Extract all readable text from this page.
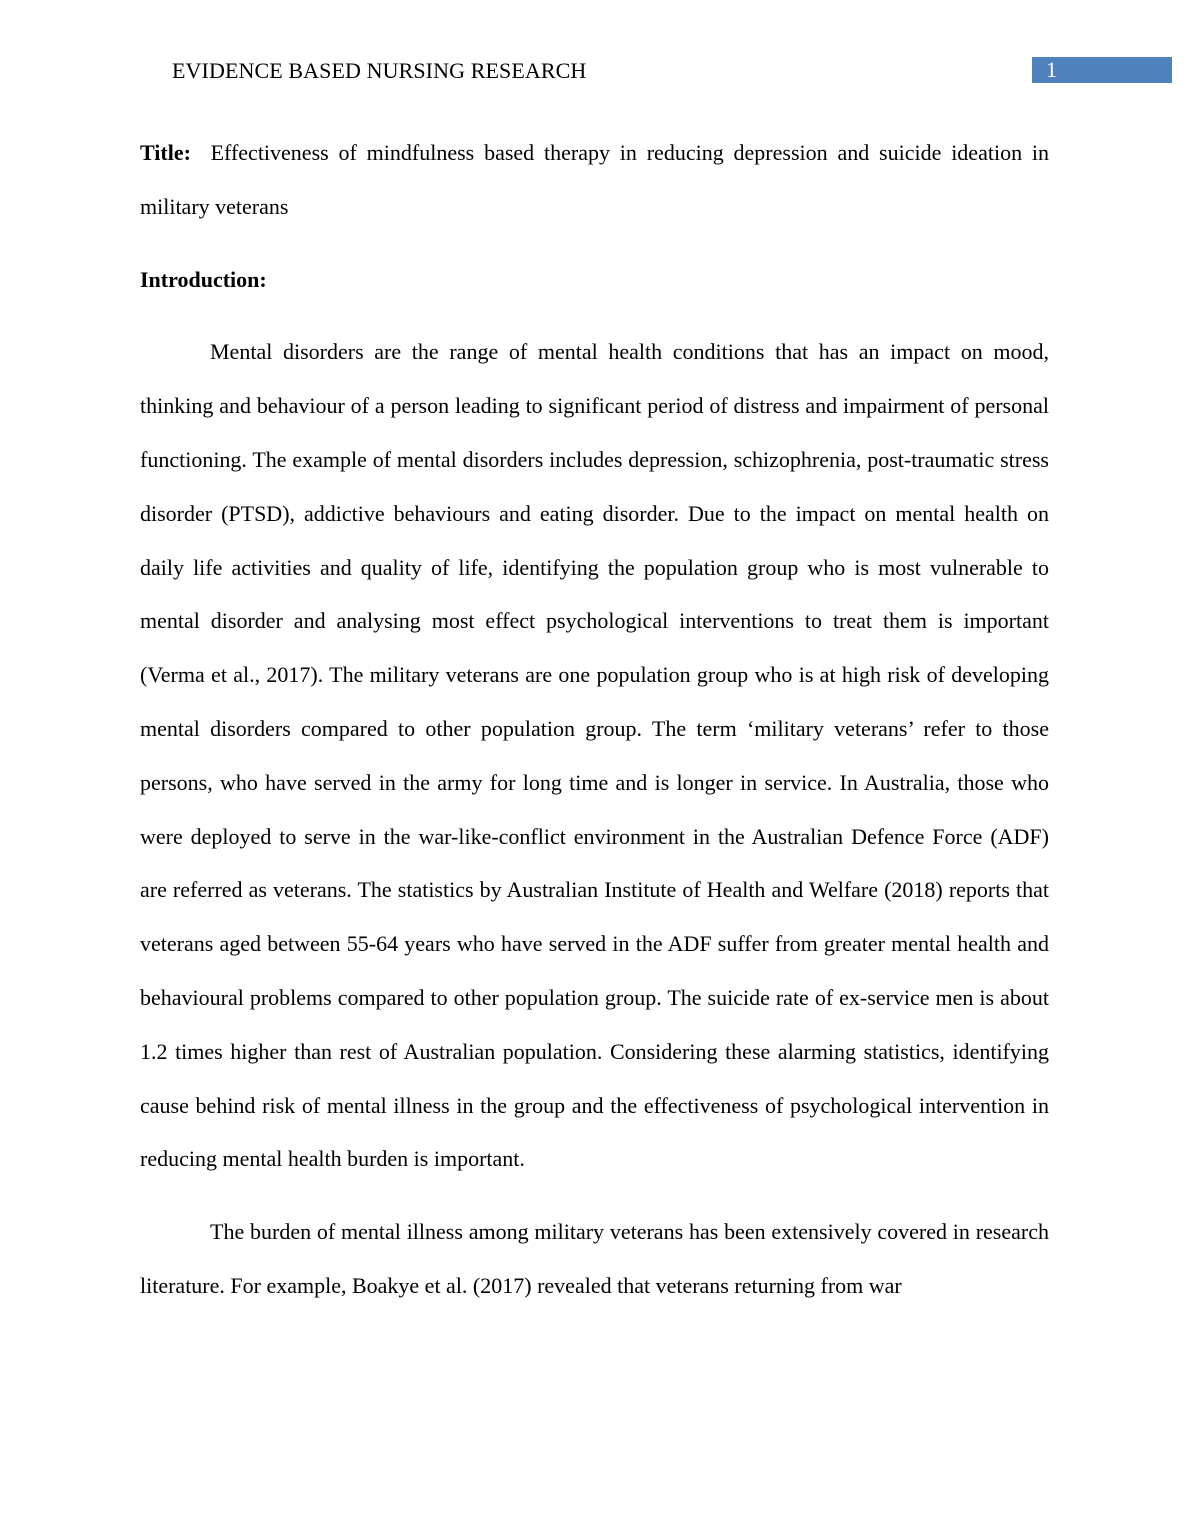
EVIDENCE BASED NURSING RESEARCH	1

Title: Effectiveness of mindfulness based therapy in reducing depression and suicide ideation in military veterans

Introduction:

Mental disorders are the range of mental health conditions that has an impact on mood, thinking and behaviour of a person leading to significant period of distress and impairment of personal functioning. The example of mental disorders includes depression, schizophrenia, post-traumatic stress disorder (PTSD), addictive behaviours and eating disorder. Due to the impact on mental health on daily life activities and quality of life, identifying the population group who is most vulnerable to mental disorder and analysing most effect psychological interventions to treat them is important (Verma et al., 2017). The military veterans are one population group who is at high risk of developing mental disorders compared to other population group. The term ‘military veterans’ refer to those persons, who have served in the army for long time and is longer in service. In Australia, those who were deployed to serve in the war-like-conflict environment in the Australian Defence Force (ADF) are referred as veterans. The statistics by Australian Institute of Health and Welfare (2018) reports that veterans aged between 55-64 years who have served in the ADF suffer from greater mental health and behavioural problems compared to other population group. The suicide rate of ex-service men is about 1.2 times higher than rest of Australian population. Considering these alarming statistics, identifying cause behind risk of mental illness in the group and the effectiveness of psychological intervention in reducing mental health burden is important.

The burden of mental illness among military veterans has been extensively covered in research literature. For example, Boakye et al. (2017) revealed that veterans returning from war
